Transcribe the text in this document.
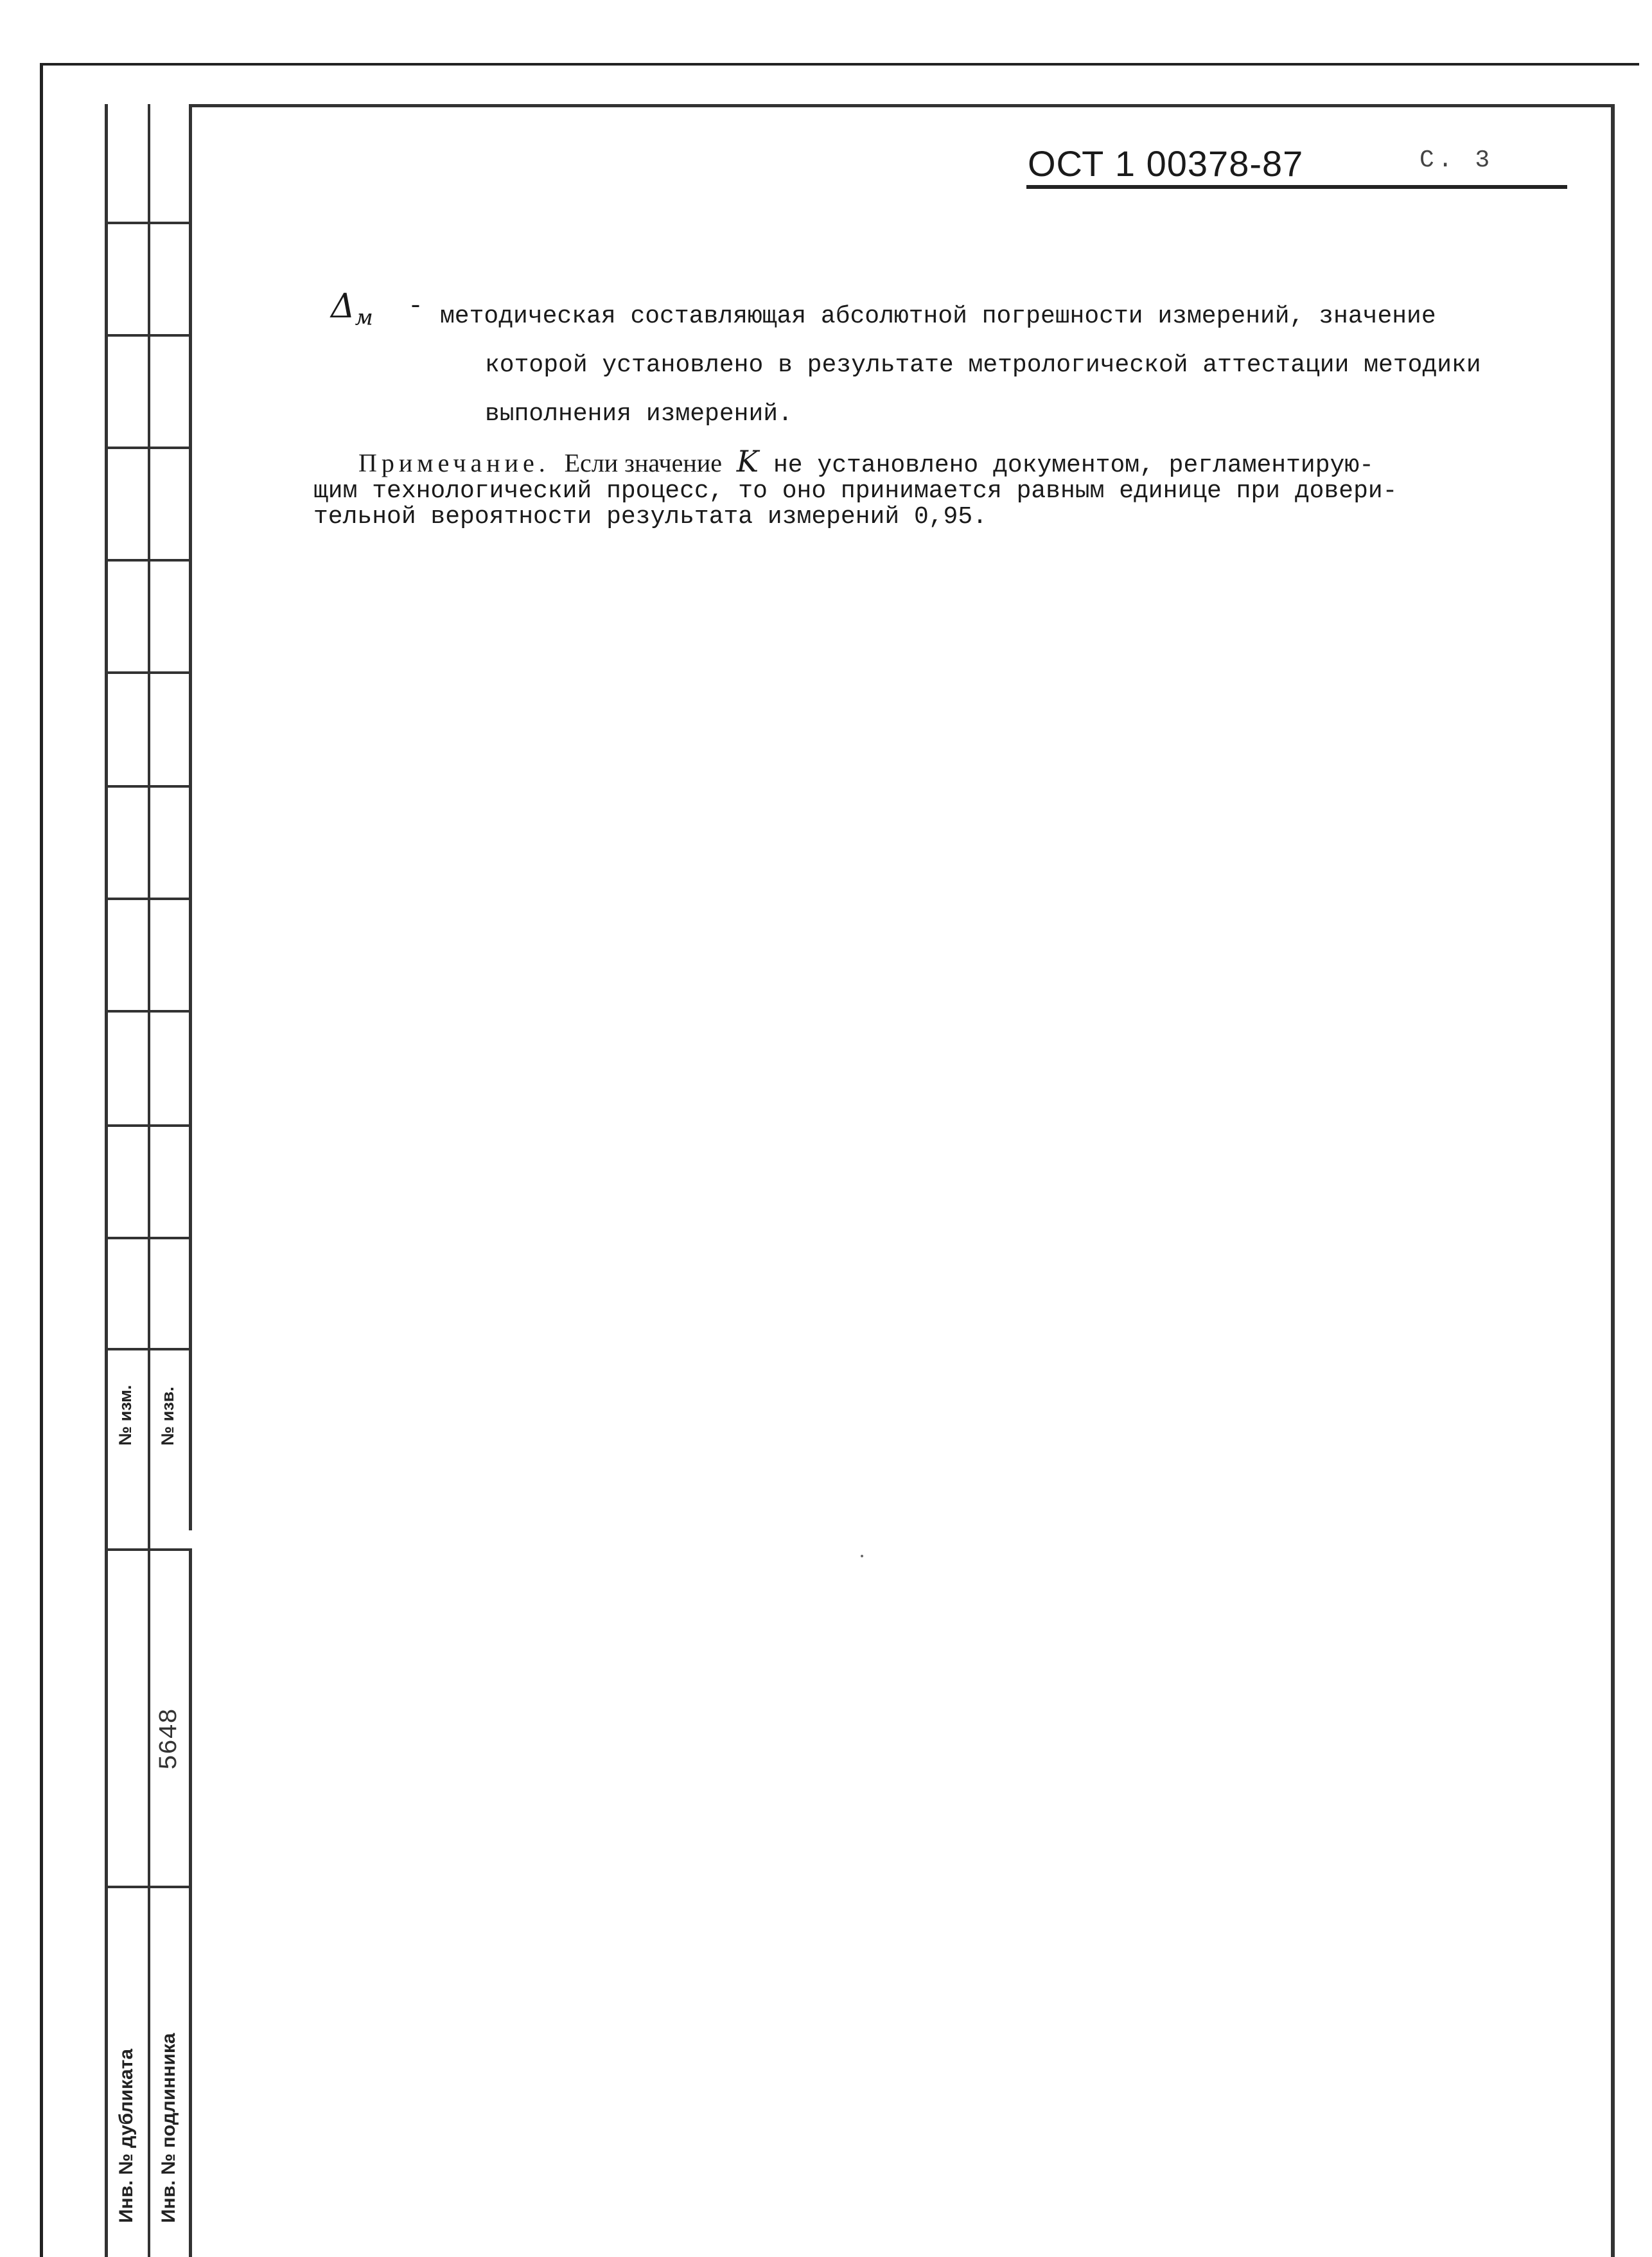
№ изм. № изв.
5648
Инв. № дубликата Инв. № подлинника
ОСТ 1 00378-87	С. 3
$\Delta_м$ - методическая составляющая абсолютной погрешности измерений, значение
которой установлено в результате метрологической аттестации методики
выполнения измерений.
Примечание. Если значение K не установлено документом, регламентирую-
щим технологический процесс, то оно принимается равным единице при довери-
тельной вероятности результата измерений 0,95.
